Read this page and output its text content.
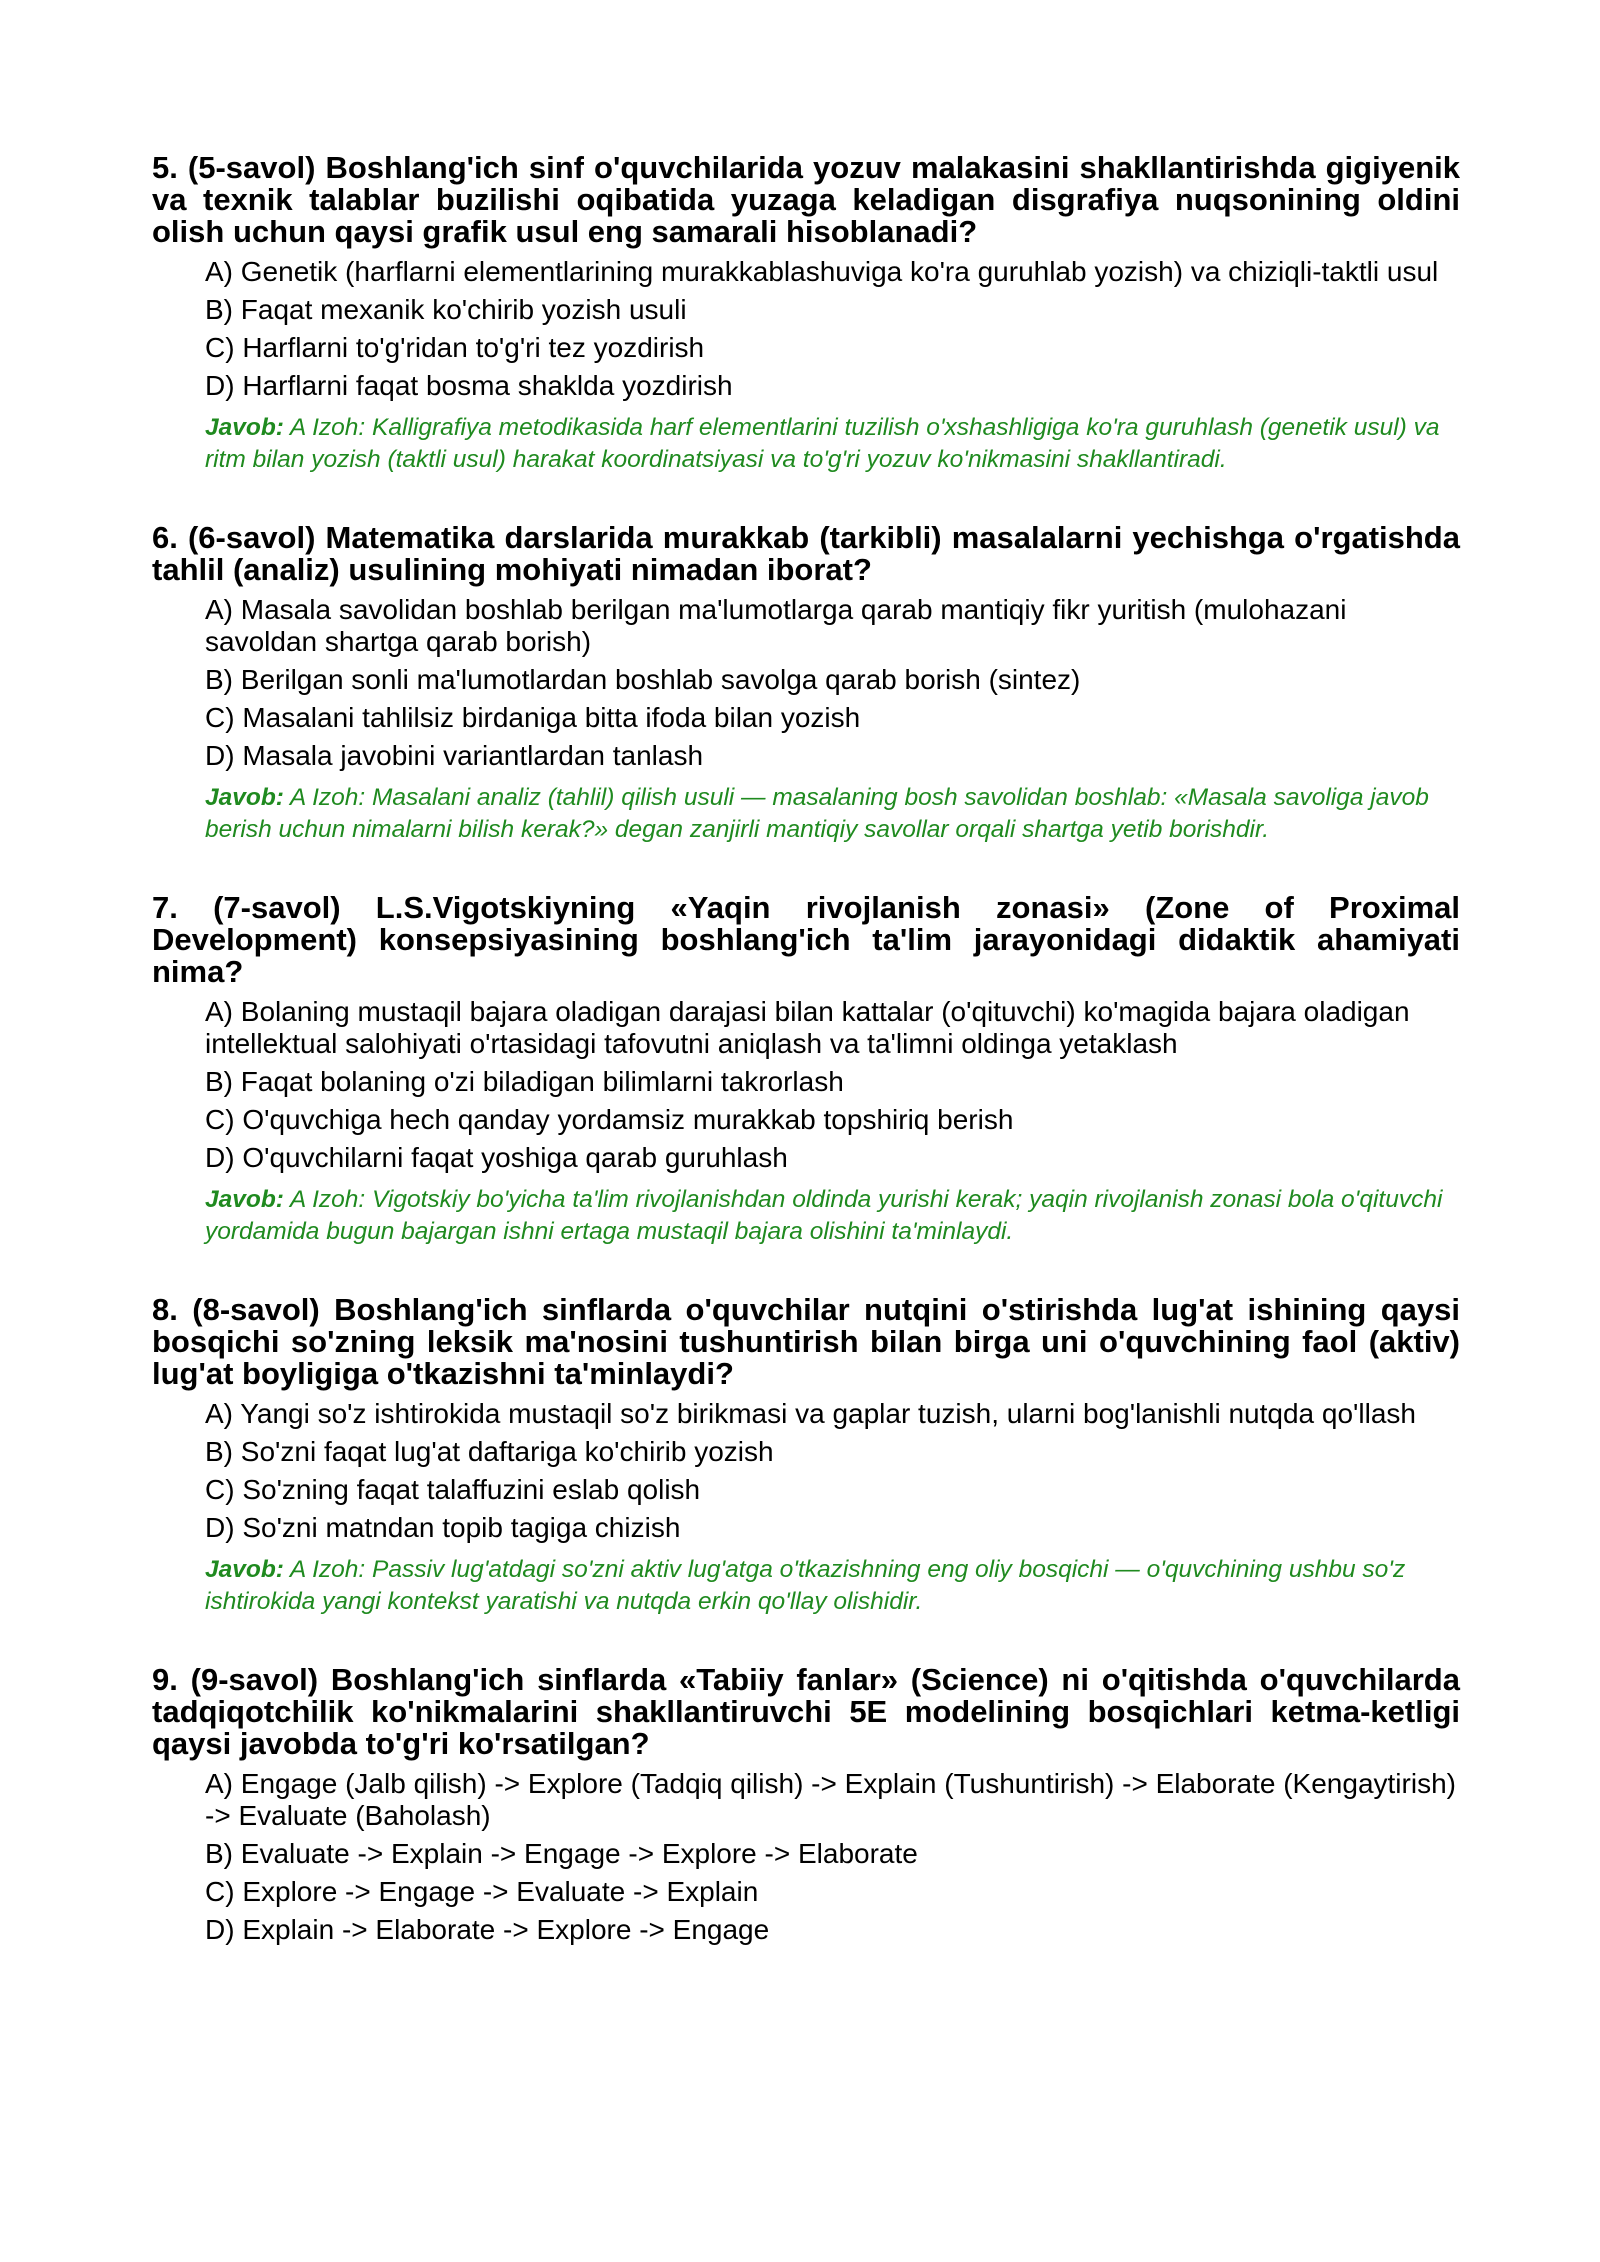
5. (5-savol) Boshlang'ich sinf o'quvchilarida yozuv malakasini shakllantirishda gigiyenik va texnik talablar buzilishi oqibatida yuzaga keladigan disgrafiya nuqsonining oldini olish uchun qaysi grafik usul eng samarali hisoblanadi?
A) Genetik (harflarni elementlarining murakkablashuviga ko'ra guruhlab yozish) va chiziqli-taktli usul
B) Faqat mexanik ko'chirib yozish usuli
C) Harflarni to'g'ridan to'g'ri tez yozdirish
D) Harflarni faqat bosma shaklda yozdirish
Javob: A Izoh: Kalligrafiya metodikasida harf elementlarini tuzilish o'xshashligiga ko'ra guruhlash (genetik usul) va ritm bilan yozish (taktli usul) harakat koordinatsiyasi va to'g'ri yozuv ko'nikmasini shakllantiradi.
6. (6-savol) Matematika darslarida murakkab (tarkibli) masalalarni yechishga o'rgatishda tahlil (analiz) usulining mohiyati nimadan iborat?
A) Masala savolidan boshlab berilgan ma'lumotlarga qarab mantiqiy fikr yuritish (mulohazani savoldan shartga qarab borish)
B) Berilgan sonli ma'lumotlardan boshlab savolga qarab borish (sintez)
C) Masalani tahlilsiz birdaniga bitta ifoda bilan yozish
D) Masala javobini variantlardan tanlash
Javob: A Izoh: Masalani analiz (tahlil) qilish usuli — masalaning bosh savolidan boshlab: «Masala savoliga javob berish uchun nimalarni bilish kerak?» degan zanjirli mantiqiy savollar orqali shartga yetib borishdir.
7. (7-savol) L.S.Vigotskiyning «Yaqin rivojlanish zonasi» (Zone of Proximal Development) konsepsiyasining boshlang'ich ta'lim jarayonidagi didaktik ahamiyati nima?
A) Bolaning mustaqil bajara oladigan darajasi bilan kattalar (o'qituvchi) ko'magida bajara oladigan intellektual salohiyati o'rtasidagi tafovutni aniqlash va ta'limni oldinga yetaklash
B) Faqat bolaning o'zi biladigan bilimlarni takrorlash
C) O'quvchiga hech qanday yordamsiz murakkab topshiriq berish
D) O'quvchilarni faqat yoshiga qarab guruhlash
Javob: A Izoh: Vigotskiy bo'yicha ta'lim rivojlanishdan oldinda yurishi kerak; yaqin rivojlanish zonasi bola o'qituvchi yordamida bugun bajargan ishni ertaga mustaqil bajara olishini ta'minlaydi.
8. (8-savol) Boshlang'ich sinflarda o'quvchilar nutqini o'stirishda lug'at ishining qaysi bosqichi so'zning leksik ma'nosini tushuntirish bilan birga uni o'quvchining faol (aktiv) lug'at boyligiga o'tkazishni ta'minlaydi?
A) Yangi so'z ishtirokida mustaqil so'z birikmasi va gaplar tuzish, ularni bog'lanishli nutqda qo'llash
B) So'zni faqat lug'at daftariga ko'chirib yozish
C) So'zning faqat talaffuzini eslab qolish
D) So'zni matndan topib tagiga chizish
Javob: A Izoh: Passiv lug'atdagi so'zni aktiv lug'atga o'tkazishning eng oliy bosqichi — o'quvchining ushbu so'z ishtirokida yangi kontekst yaratishi va nutqda erkin qo'llay olishidir.
9. (9-savol) Boshlang'ich sinflarda «Tabiiy fanlar» (Science) ni o'qitishda o'quvchilarda tadqiqotchilik ko'nikmalarini shakllantiruvchi 5E modelining bosqichlari ketma-ketligi qaysi javobda to'g'ri ko'rsatilgan?
A) Engage (Jalb qilish) -> Explore (Tadqiq qilish) -> Explain (Tushuntirish) -> Elaborate (Kengaytirish) -> Evaluate (Baholash)
B) Evaluate -> Explain -> Engage -> Explore -> Elaborate
C) Explore -> Engage -> Evaluate -> Explain
D) Explain -> Elaborate -> Explore -> Engage
